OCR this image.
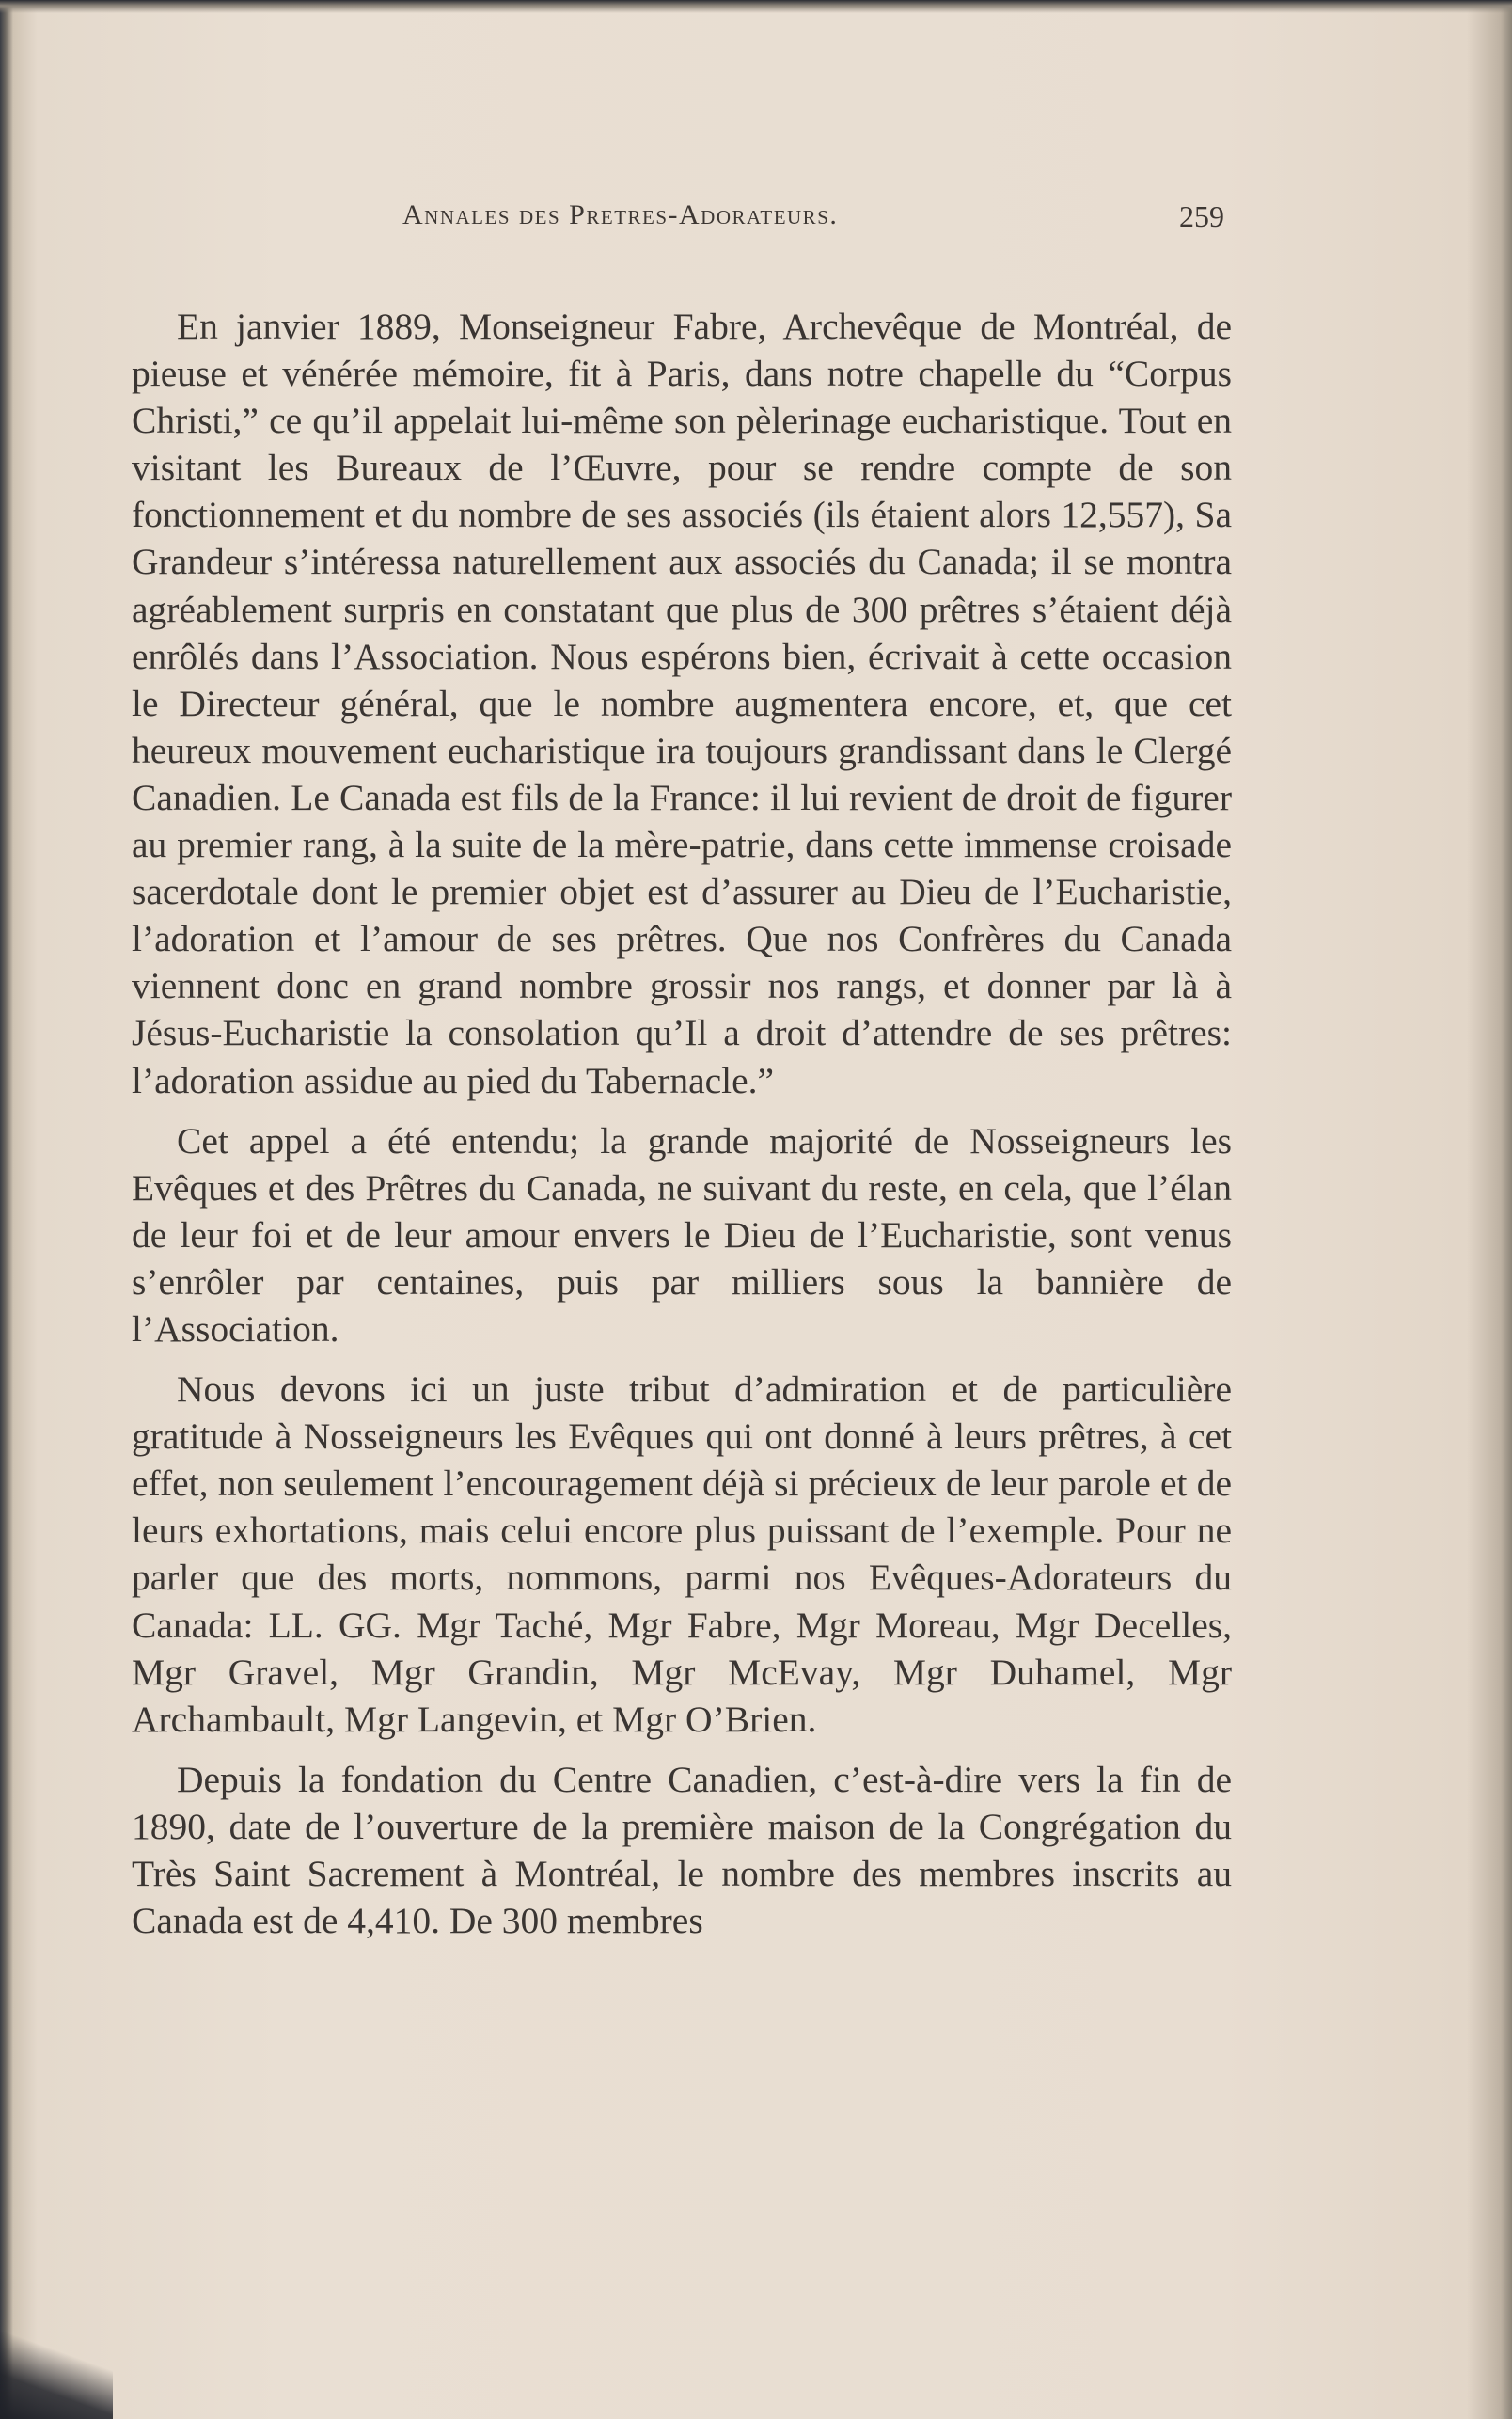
Annales des Pretres-Adorateurs.	259

En janvier 1889, Monseigneur Fabre, Archevêque de Montréal, de pieuse et vénérée mémoire, fit à Paris, dans notre chapelle du “Corpus Christi,” ce qu’il appelait lui-même son pèlerinage eucharistique. Tout en visitant les Bureaux de l’Œuvre, pour se rendre compte de son fonctionnement et du nombre de ses associés (ils étaient alors 12,557), Sa Grandeur s’intéressa naturellement aux associés du Canada; il se montra agréablement surpris en constatant que plus de 300 prêtres s’étaient déjà enrôlés dans l’Association. Nous espérons bien, écrivait à cette occasion le Directeur général, que le nombre augmentera encore, et, que cet heureux mouvement eucharistique ira toujours grandissant dans le Clergé Canadien. Le Canada est fils de la France: il lui revient de droit de figurer au premier rang, à la suite de la mère-patrie, dans cette immense croisade sacerdotale dont le premier objet est d’assurer au Dieu de l’Eucharistie, l’adoration et l’amour de ses prêtres. Que nos Confrères du Canada viennent donc en grand nombre grossir nos rangs, et donner par là à Jésus-Eucharistie la consolation qu’Il a droit d’attendre de ses prêtres: l’adoration assidue au pied du Tabernacle.”

Cet appel a été entendu; la grande majorité de Nosseigneurs les Evêques et des Prêtres du Canada, ne suivant du reste, en cela, que l’élan de leur foi et de leur amour envers le Dieu de l’Eucharistie, sont venus s’enrôler par centaines, puis par milliers sous la bannière de l’Association.

Nous devons ici un juste tribut d’admiration et de particulière gratitude à Nosseigneurs les Evêques qui ont donné à leurs prêtres, à cet effet, non seulement l’encouragement déjà si précieux de leur parole et de leurs exhortations, mais celui encore plus puissant de l’exemple. Pour ne parler que des morts, nommons, parmi nos Evêques-Adorateurs du Canada: LL. GG. Mgr Taché, Mgr Fabre, Mgr Moreau, Mgr Decelles, Mgr Gravel, Mgr Grandin, Mgr McEvay, Mgr Duhamel, Mgr Archambault, Mgr Langevin, et Mgr O’Brien.

Depuis la fondation du Centre Canadien, c’est-à-dire vers la fin de 1890, date de l’ouverture de la première maison de la Congrégation du Très Saint Sacrement à Montréal, le nombre des membres inscrits au Canada est de 4,410. De 300 membres
